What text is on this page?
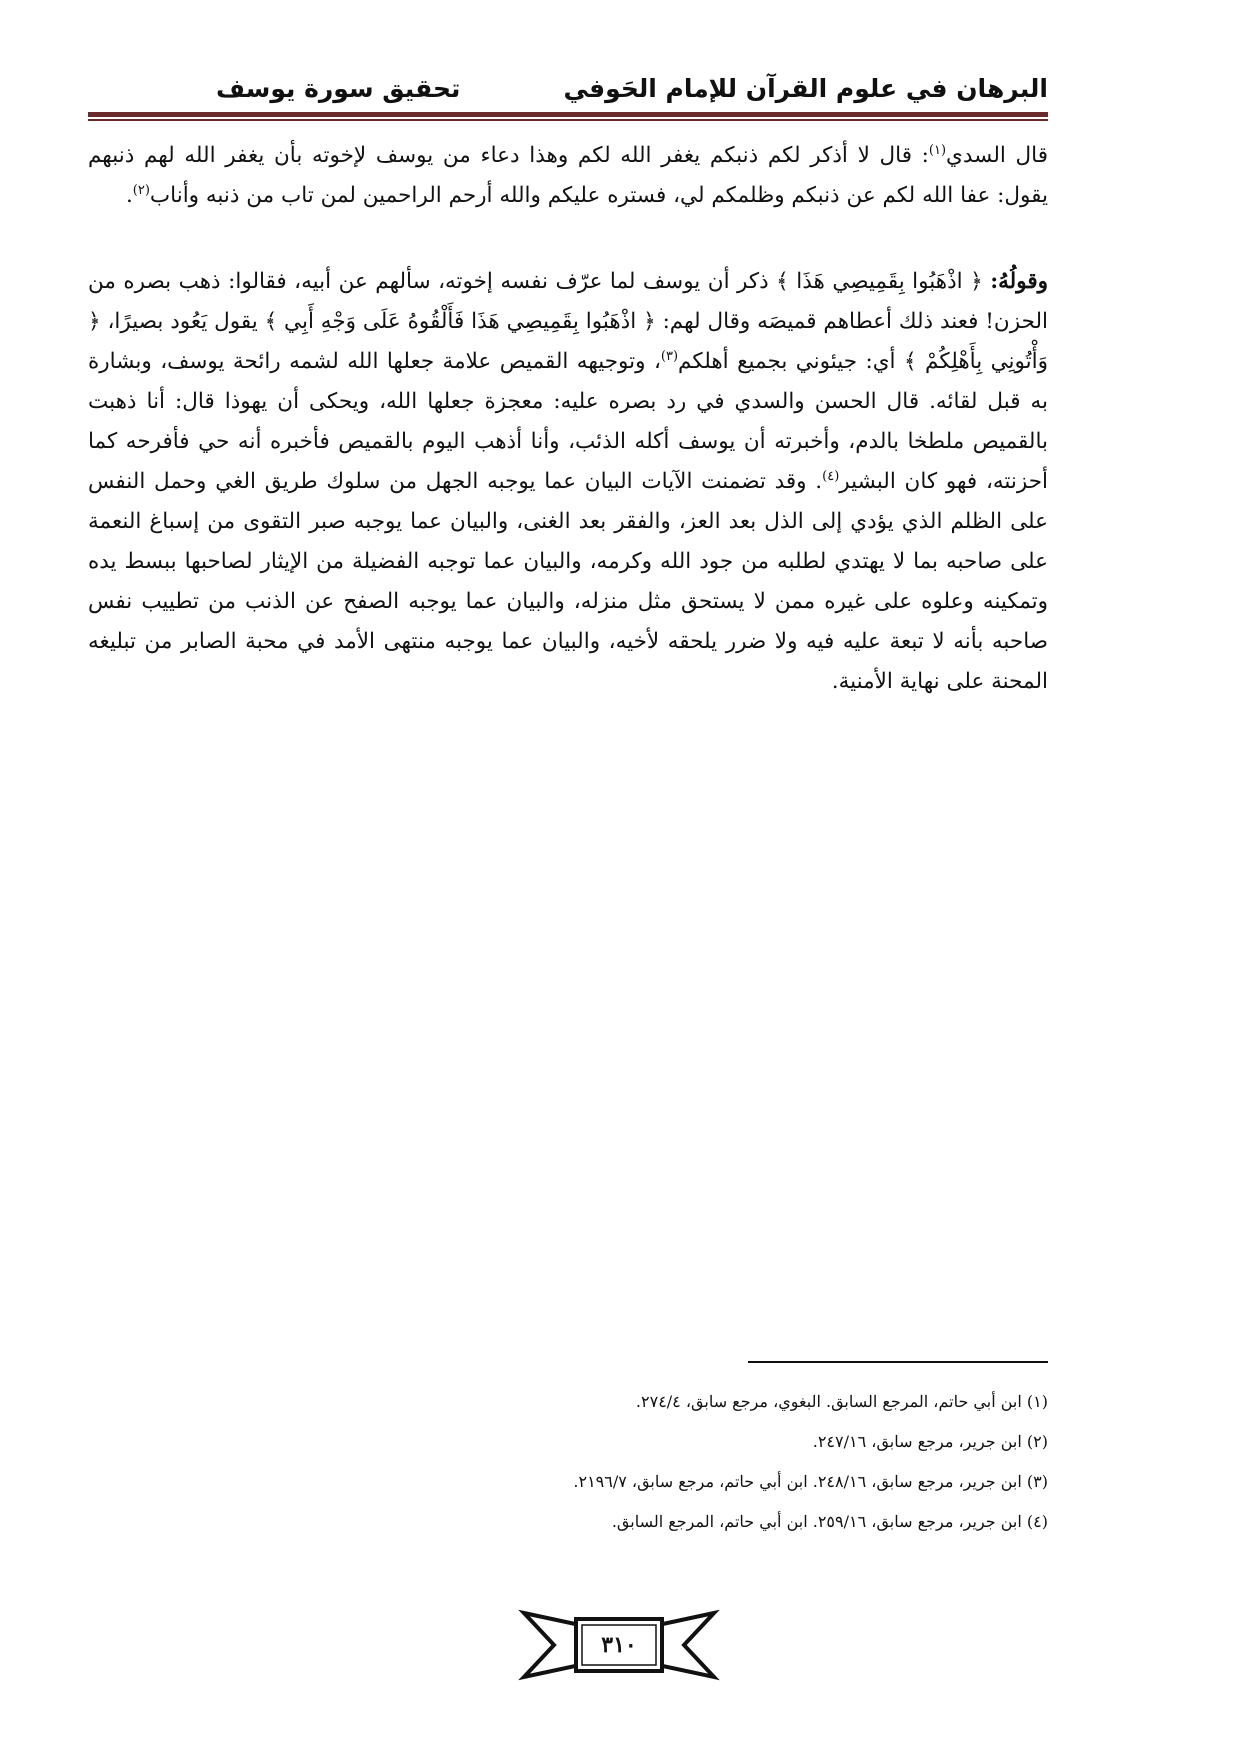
البرهان في علوم القرآن للإمام الحَوفي
تحقيق سورة يوسف

قال السدي$^{(١)}$: قال لا أذكر لكم ذنبكم يغفر الله لكم وهذا دعاء من يوسف لإخوته بأن يغفر الله لهم ذنبهم يقول: عفا الله لكم عن ذنبكم وظلمكم لي، فستره عليكم والله أرحم الراحمين لمن تاب من ذنبه وأناب$^{(٢)}$.

وقولُهُ: ﴿ اذْهَبُوا بِقَمِيصِي هَذَا ﴾ ذكر أن يوسف لما عرّف نفسه إخوته، سألهم عن أبيه، فقالوا: ذهب بصره من الحزن! فعند ذلك أعطاهم قميصَه وقال لهم: ﴿ اذْهَبُوا بِقَمِيصِي هَذَا فَأَلْقُوهُ عَلَى وَجْهِ أَبِي ﴾ يقول يَعُود بصيرًا، ﴿ وَأْتُونِي بِأَهْلِكُمْ ﴾ أي: جيئوني بجميع أهلكم$^{(٣)}$، وتوجيهه القميص علامة جعلها الله لشمه رائحة يوسف، وبشارة به قبل لقائه. قال الحسن والسدي في رد بصره عليه: معجزة جعلها الله، ويحكى أن يهوذا قال: أنا ذهبت بالقميص ملطخا بالدم، وأخبرته أن يوسف أكله الذئب، وأنا أذهب اليوم بالقميص فأخبره أنه حي فأفرحه كما أحزنته، فهو كان البشير$^{(٤)}$. وقد تضمنت الآيات البيان عما يوجبه الجهل من سلوك طريق الغي وحمل النفس على الظلم الذي يؤدي إلى الذل بعد العز، والفقر بعد الغنى، والبيان عما يوجبه صبر التقوى من إسباغ النعمة على صاحبه بما لا يهتدي لطلبه من جود الله وكرمه، والبيان عما توجبه الفضيلة من الإيثار لصاحبها ببسط يده وتمكينه وعلوه على غيره ممن لا يستحق مثل منزله، والبيان عما يوجبه الصفح عن الذنب من تطييب نفس صاحبه بأنه لا تبعة عليه فيه ولا ضرر يلحقه لأخيه، والبيان عما يوجبه منتهى الأمد في محبة الصابر من تبليغه المحنة على نهاية الأمنية.

(١) ابن أبي حاتم، المرجع السابق. البغوي، مرجع سابق، ٢٧٤/٤.
(٢) ابن جرير، مرجع سابق، ٢٤٧/١٦.
(٣) ابن جرير، مرجع سابق، ٢٤٨/١٦. ابن أبي حاتم، مرجع سابق، ٢١٩٦/٧.
(٤) ابن جرير، مرجع سابق، ٢٥٩/١٦. ابن أبي حاتم، المرجع السابق.
٣١٠
